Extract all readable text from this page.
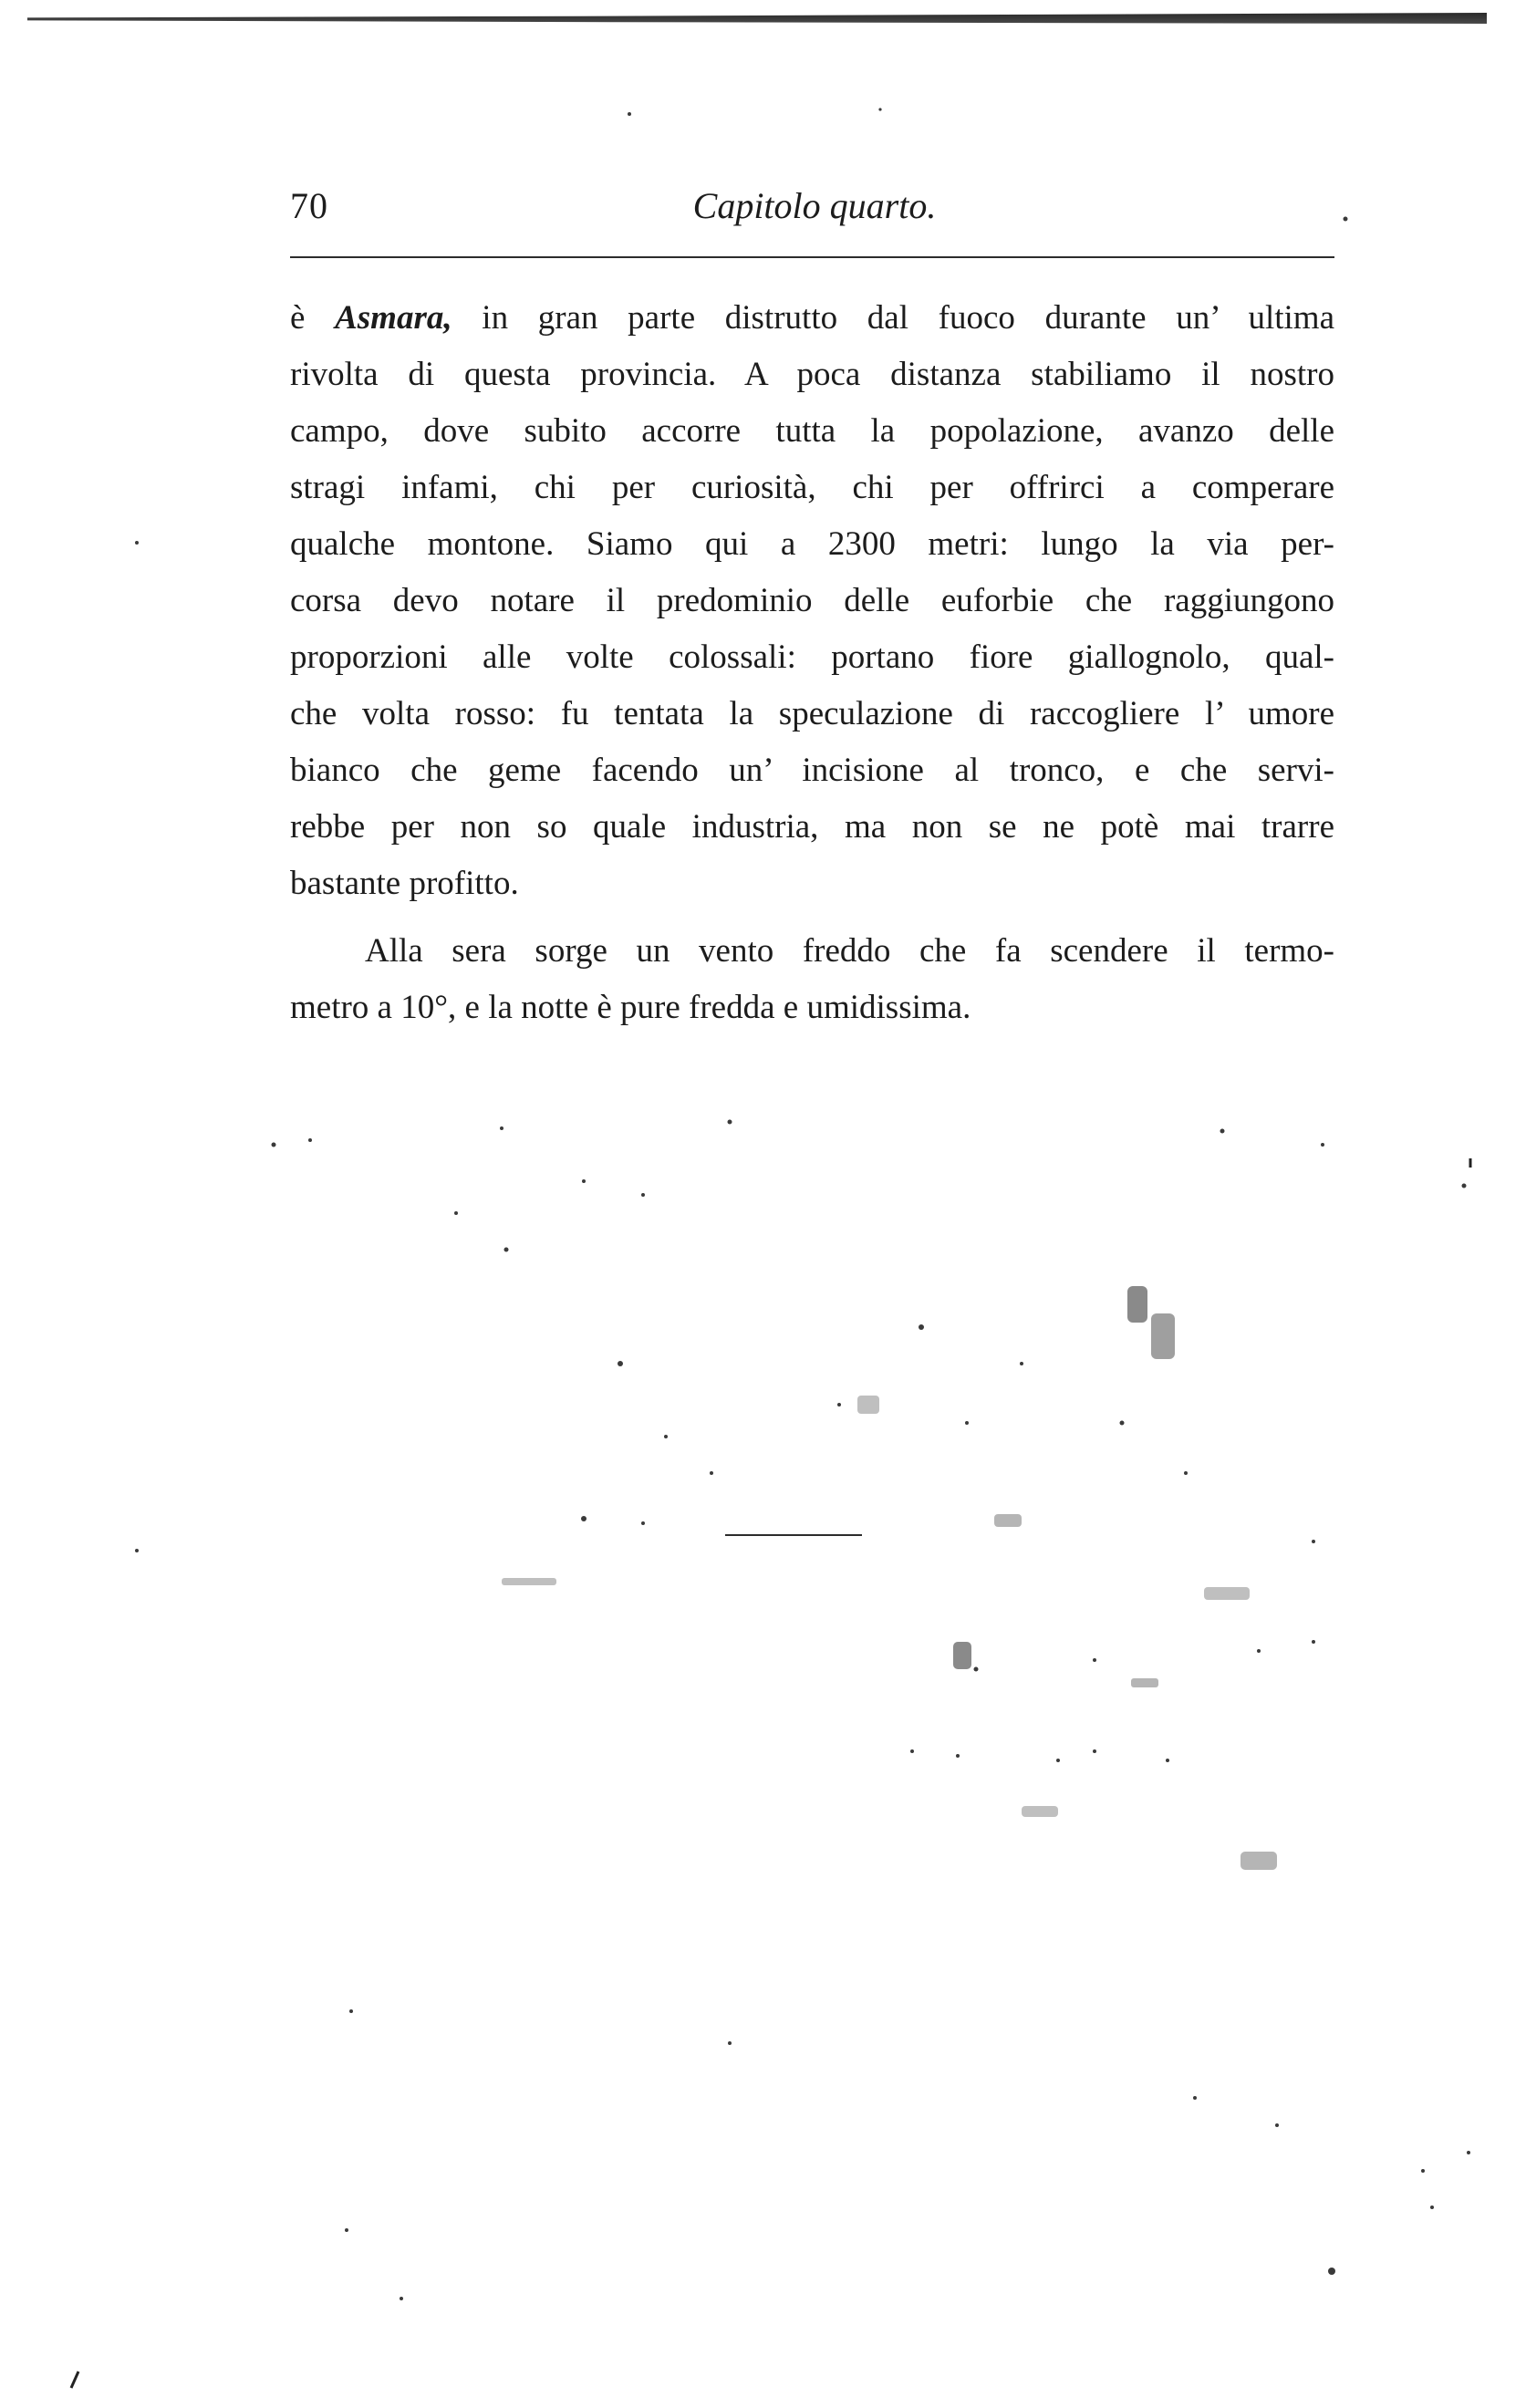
70	Capitolo quarto.
è Asmara, in gran parte distrutto dal fuoco durante un’ ultima
rivolta di questa provincia. A poca distanza stabiliamo il nostro
campo, dove subito accorre tutta la popolazione, avanzo delle
stragi infami, chi per curiosità, chi per offrirci a comperare
qualche montone. Siamo qui a 2300 metri: lungo la via per-
corsa devo notare il predominio delle euforbie che raggiungono
proporzioni alle volte colossali: portano fiore giallognolo, qual-
che volta rosso: fu tentata la speculazione di raccogliere l’ umore
bianco che geme facendo un’ incisione al tronco, e che servi-
rebbe per non so quale industria, ma non se ne potè mai trarre
bastante profitto.
Alla sera sorge un vento freddo che fa scendere il termo-
metro a 10°, e la notte è pure fredda e umidissima.
